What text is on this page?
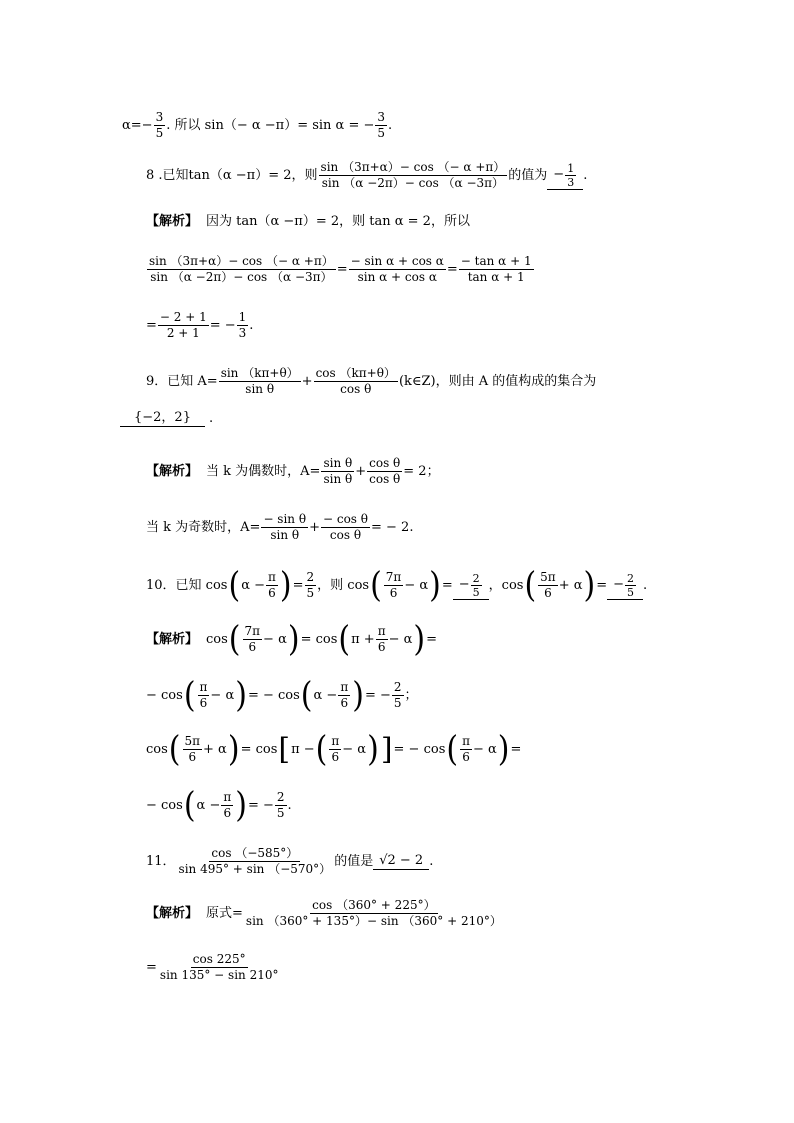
$\alpha=- \frac{3}{5}$ . 所以 sin（− α −π）= sin α = − $\frac{3}{5}$ .
8 .已知tan（α −π）= 2，则 $\frac{\sin (3\pi+\alpha)- \cos (- \alpha +\pi)}{\sin (\alpha -2\pi)- \cos (\alpha -3\pi)}$ 的值为 − $\frac{1}{3}$ .
【解析】 因为 tan（α −π）= 2，则 tan α = 2，所以
$\frac{\sin (3\pi+\alpha)- \cos (- \alpha +\pi)}{\sin (\alpha -2\pi)- \cos (\alpha -3\pi)} = \frac{\text{− sin α + cos α}}{\text{sin α + cos α}} = \frac{\text{− tan α + 1}}{\text{tan α + 1}}$
= $\frac{- 2 + 1}{2 + 1}$ = − $\frac{1}{3}$ .
9．已知 $A= \frac{\sin (k\pi+\theta)}{\text{sin θ}} + \frac{\cos (k\pi+\theta)}{\text{cos θ}}$ (k∈Z)，则由 A 的值构成的集合为
{−2，2} .
【解析】 当 k 为偶数时，$A= \frac{\text{sin θ}}{\text{sin θ}} + \frac{\text{cos θ}}{\text{cos θ}} = 2$；
当 k 为奇数时，$A= \frac{\text{− sin θ}}{\text{sin θ}} + \frac{\text{− cos θ}}{\text{cos θ}}$ = − 2.
10．已知 cos ( $\alpha - \frac{\pi}{6}$ ) = $\frac{2}{5}$ ，则 cos ( $\frac{7\pi}{6} - \alpha$ ) = − $\frac{2}{5}$ ，cos ( $\frac{5\pi}{6} + \alpha$ ) = − $\frac{2}{5}$ .
【解析】 cos ( $\frac{7\pi}{6} - \alpha$ ) = cos ( $\pi + \frac{\pi}{6} - \alpha$ ) =
− cos ( $\frac{\pi}{6} - \alpha$ ) = − cos ( $\alpha - \frac{\pi}{6}$ ) = − $\frac{2}{5}$ ；
cos ( $\frac{5\pi}{6} + \alpha$ ) = cos [ π − ( $\frac{\pi}{6} - \alpha$ ) ] = − cos ( $\frac{\pi}{6} - \alpha$ ) =
− cos ( $\alpha - \frac{\pi}{6}$ ) = − $\frac{2}{5}$ .
11． $\frac{\cos (-585^\circ)}{\sin 495^\circ + \sin (-570^\circ)}$ 的值是 √ 2 − 2 .
【解析】 原式= $\frac{\cos (360^\circ + 225^\circ)}{\sin (360^\circ + 135^\circ)- \sin (360^\circ + 210^\circ)}$
= $\frac{\cos 225^\circ}{\sin 135^\circ - \sin 210^\circ}$
